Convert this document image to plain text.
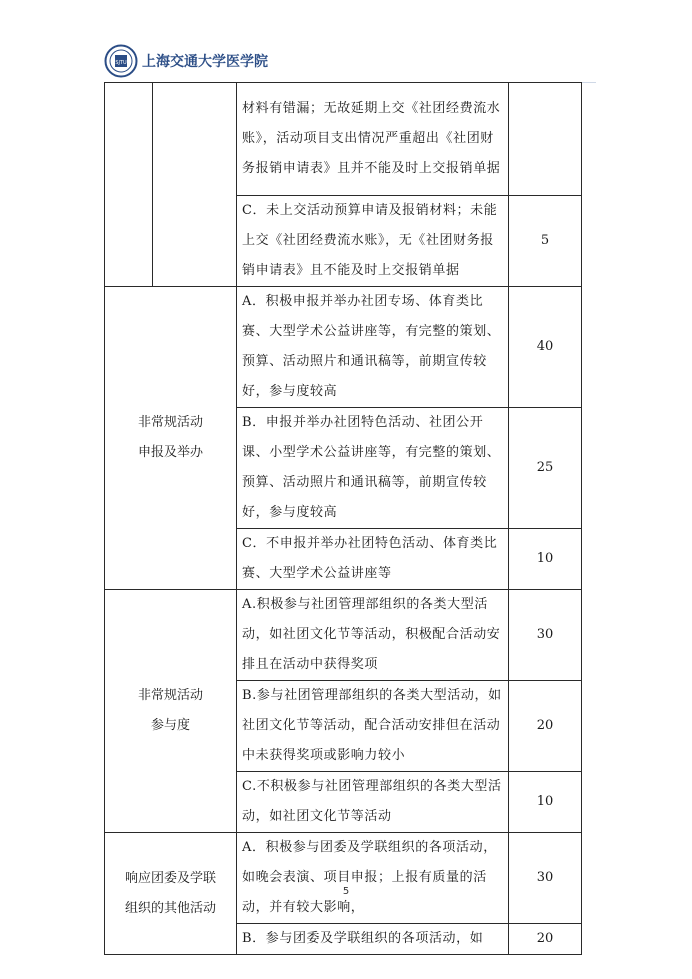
SJTU 上海交通大学医学院
		材料有错漏；无故延期上交《社团经费流水账》，活动项目支出情况严重超出《社团财务报销申请表》且并不能及时上交报销单据	
		C．未上交活动预算申请及报销材料；未能上交《社团经费流水账》，无《社团财务报销申请表》且不能及时上交报销单据	5

非常规活动
申报及举办		A．积极申报并举办社团专场、体育类比赛、大型学术公益讲座等，有完整的策划、预算、活动照片和通讯稿等，前期宣传较好，参与度较高	40
		B．申报并举办社团特色活动、社团公开课、小型学术公益讲座等，有完整的策划、预算、活动照片和通讯稿等，前期宣传较好，参与度较高	25
		C．不申报并举办社团特色活动、体育类比赛、大型学术公益讲座等	10

非常规活动
参与度		A.积极参与社团管理部组织的各类大型活动，如社团文化节等活动，积极配合活动安排且在活动中获得奖项	30
		B.参与社团管理部组织的各类大型活动，如社团文化节等活动，配合活动安排但在活动中未获得奖项或影响力较小	20
		C.不积极参与社团管理部组织的各类大型活动，如社团文化节等活动	10

响应团委及学联
组织的其他活动		A．积极参与团委及学联组织的各项活动，如晚会表演、项目申报；上报有质量的活动，并有较大影响，	30
		B．参与团委及学联组织的各项活动，如	20
5
